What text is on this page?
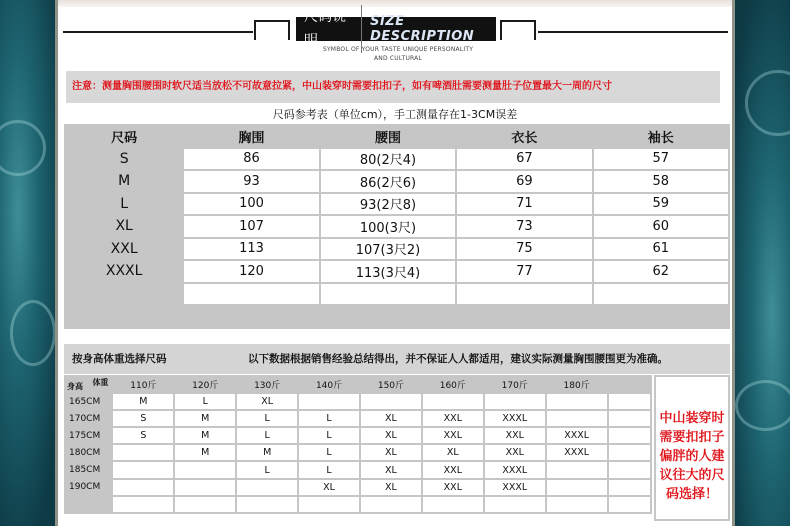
尺码说明
SIZE DESCRIPTION
SYMBOL OF YOUR TASTE UNIQUE PERSONALITY
AND CULTURAL
注意：测量胸围腰围时软尺适当放松不可故意拉紧，中山装穿时需要扣扣子，如有啤酒肚需要测量肚子位置最大一周的尺寸
尺码参考表（单位cm），手工测量存在1-3CM误差
尺码	胸围	腰围	衣长	袖长
S	86	80(2尺4)	67	57
M	93	86(2尺6)	69	58
L	100	93(2尺8)	71	59
XL	107	100(3尺)	73	60
XXL	113	107(3尺2)	75	61
XXXL	120	113(3尺4)	77	62

按身高体重选择尺码	以下数据根据销售经验总结得出，并不保证人人都适用，建议实际测量胸围腰围更为准确。
体重
身高	110斤	120斤	130斤	140斤	150斤	160斤	170斤	180斤	
165CM	M	L	XL						
170CM	S	M	L	L	XL	XXL	XXXL		
175CM	S	M	L	L	XL	XXL	XXL	XXXL	
180CM		M	M	L	XL	XL	XXL	XXXL	
185CM			L	L	XL	XXL	XXXL		
190CM				XL	XL	XXL	XXXL		

中山装穿时
需要扣扣子
偏胖的人建
议往大的尺
码选择！
